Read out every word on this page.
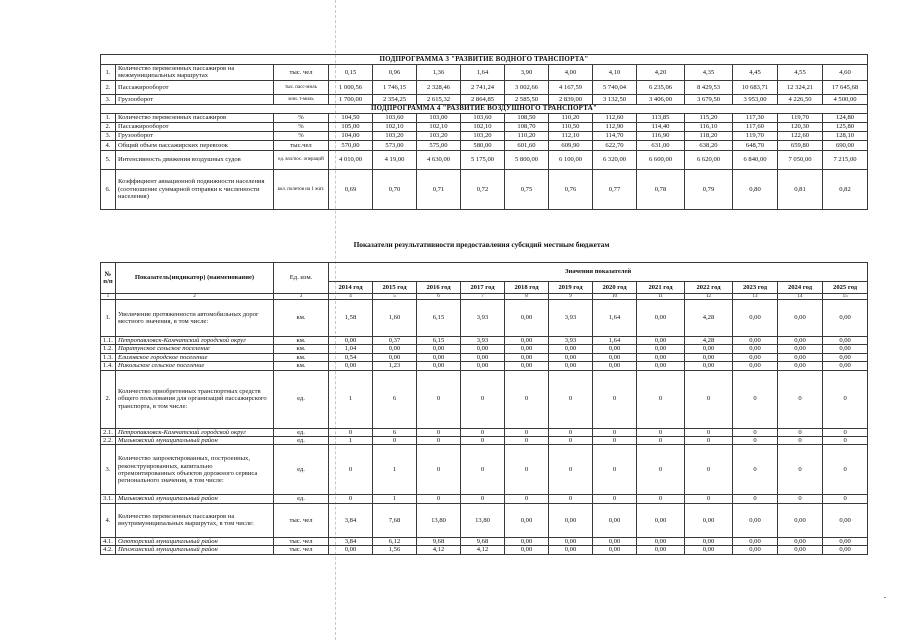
ПОДПРОГРАММА 3 "РАЗВИТИЕ ВОДНОГО ТРАНСПОРТА"														
1.	Количество перевезенных пассажиров на межмуниципальных маршрутах	тыс. чел	0,15	0,96	1,36	1,64	3,90	4,00	4,10	4,20	4,35	4,45	4,55	4,60
2.	Пассажирооборот	тыс. пасс-миль	1 000,56	1 746,15	2 328,46	2 741,24	3 002,66	4 167,59	5 740,04	6 235,06	8 429,53	10 683,71	12 324,21	17 645,68
3.	Грузооборот	млн. т-миль	1 700,00	2 354,25	2 615,32	2 864,85	2 585,50	2 839,00	3 132,50	3 406,00	3 679,50	3 953,00	4 226,50	4 500,00
ПОДПРОГРАММА 4 "РАЗВИТИЕ ВОЗДУШНОГО ТРАНСПОРТА"														
1.	Количество перевезенных пассажиров	%	104,50	103,60	103,00	103,60	108,50	110,20	112,60	113,85	115,20	117,30	119,70	124,80
2.	Пассажирооборот	%	105,00	102,10	102,10	102,10	108,70	110,50	112,90	114,40	116,10	117,60	120,30	125,80
3.	Грузооборот	%	104,00	103,20	103,20	103,20	110,20	112,10	114,70	116,90	118,20	119,70	122,60	128,10
4.	Общий объем пассажирских перевозок	тыс.чел	570,00	573,00	575,00	580,00	601,60	609,90	622,70	631,00	638,20	648,70	659,80	690,00
5.	Интенсивность движения воздушных судов	ед. взл/пос. операций	4 010,00	4 19,00	4 630,00	5 175,00	5 800,00	6 100,00	6 320,00	6 600,00	6 620,00	6 840,00	7 050,00	7 215,00
6.	Коэффициент авиационной подвижности населения (соотношение суммарной отправки к численности населения)	кол. полетов на 1 жит.	0,69	0,70	0,71	0,72	0,75	0,76	0,77	0,78	0,79	0,80	0,81	0,82
Показатели результативности предоставления субсидий местным бюджетам
№ п/п	Показатель(индикатор) (наименование)	Ед. изм.	Значения показателей											
			2014 год	2015 год	2016 год	2017 год	2018 год	2019 год	2020 год	2021 год	2022 год	2023 год	2024 год	2025 год
1	2	3	4	5	6	7	8	9	10	11	12	13	14	15
1.	Увеличение протяженности автомобильных дорог местного значения, в том числе:	км.	1,58	1,60	6,15	3,93	0,00	3,93	1,64	0,00	4,28	0,00	0,00	0,00
1.1.	Петропавловск-Камчатский городской округ	км.	0,00	0,37	6,15	3,93	0,00	3,93	1,64	0,00	4,28	0,00	0,00	0,00
1.2.	Паратунское сельское поселение	км.	1,04	0,00	0,00	0,00	0,00	0,00	0,00	0,00	0,00	0,00	0,00	0,00
1.3.	Елизовское городское поселение	км.	0,54	0,00	0,00	0,00	0,00	0,00	0,00	0,00	0,00	0,00	0,00	0,00
1.4.	Никольское сельское поселение	км.	0,00	1,23	0,00	0,00	0,00	0,00	0,00	0,00	0,00	0,00	0,00	0,00
2.	Количество приобретенных транспортных средств общего пользования для организаций пассажирского транспорта, в том числе:	ед.	1	6	0	0	0	0	0	0	0	0	0	0
2.1.	Петропавловск-Камчатский городской округ	ед.	0	6	0	0	0	0	0	0	0	0	0	0
2.2.	Мильковский муниципальный район	ед.	1	0	0	0	0	0	0	0	0	0	0	0
3.	Количество запроектированных, построенных, реконструированных, капитально отремонтированных объектов дорожного сервиса регионального значения, в том числе:	ед.	0	1	0	0	0	0	0	0	0	0	0	0
3.1.	Мильковский муниципальный район	ед.	0	1	0	0	0	0	0	0	0	0	0	0
4.	Количество перевезенных пассажиров на внутримуниципальных маршрутах, в том числе:	тыс. чел	3,84	7,68	13,80	13,80	0,00	0,00	0,00	0,00	0,00	0,00	0,00	0,00
4.1.	Олюторский муниципальный район	тыс. чел	3,84	6,12	9,68	9,68	0,00	0,00	0,00	0,00	0,00	0,00	0,00	0,00
4.2.	Пенжинский муниципальный район	тыс. чел	0,00	1,56	4,12	4,12	0,00	0,00	0,00	0,00	0,00	0,00	0,00	0,00
